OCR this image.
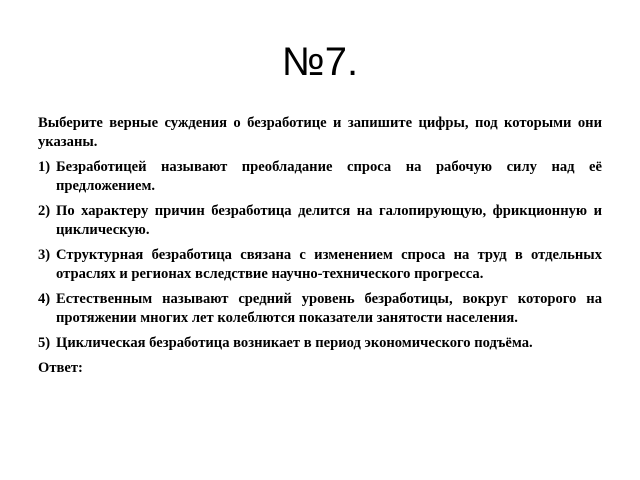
№7.

Выберите верные суждения о безработице и запишите цифры, под которыми они указаны.

1) Безработицей называют преобладание спроса на рабочую силу над её предложением.
2) По характеру причин безработица делится на галопирующую, фрикционную и циклическую.
3) Структурная безработица связана с изменением спроса на труд в отдельных отраслях и регионах вследствие научно-технического прогресса.
4) Естественным называют средний уровень безработицы, вокруг которого на протяжении многих лет колеблются показатели занятости населения.
5) Циклическая безработица возникает в период экономического подъёма.

Ответ:
